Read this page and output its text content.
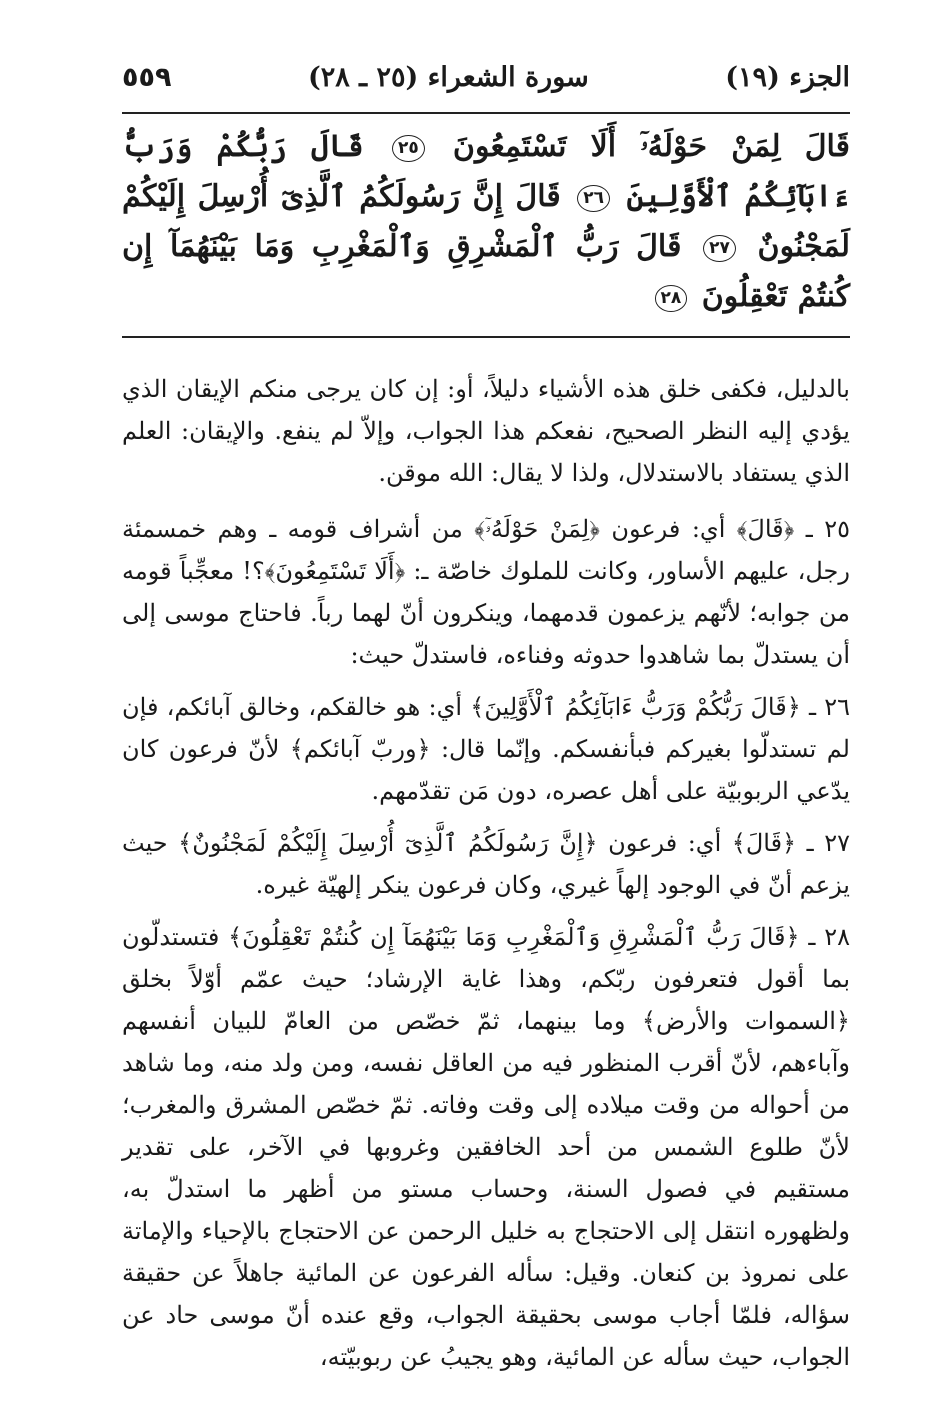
الجزء (١٩)
سورة الشعراء (٢٥ ـ ٢٨)
٥٥٩
قَالَ لِمَنْ حَوْلَهُۥٓ أَلَا تَسْتَمِعُونَ ٢٥ قَالَ رَبُّكُمْ وَرَبُّ ءَابَآئِكُمُ ٱلْأَوَّلِينَ ٢٦ قَالَ إِنَّ رَسُولَكُمُ ٱلَّذِىٓ أُرْسِلَ إِلَيْكُمْ لَمَجْنُونٌ ٢٧ قَالَ رَبُّ ٱلْمَشْرِقِ وَٱلْمَغْرِبِ وَمَا بَيْنَهُمَآ إِن كُنتُمْ تَعْقِلُونَ ٢٨

بالدليل، فكفى خلق هذه الأشياء دليلاً، أو: إن كان يرجى منكم الإيقان الذي يؤدي إليه النظر الصحيح، نفعكم هذا الجواب، وإلاّ لم ينفع. والإيقان: العلم الذي يستفاد بالاستدلال، ولذا لا يقال: الله موقن.

٢٥ ـ ﴿قَالَ﴾ أي: فرعون ﴿لِمَنْ حَوْلَهُۥٓ﴾ من أشراف قومه ـ وهم خمسمئة رجل، عليهم الأساور، وكانت للملوك خاصّة ـ: ﴿أَلَا تَسْتَمِعُونَ﴾؟! معجِّباً قومه من جوابه؛ لأنّهم يزعمون قدمهما، وينكرون أنّ لهما رباً. فاحتاج موسى إلى أن يستدلّ بما شاهدوا حدوثه وفناءه، فاستدلّ حيث:

٢٦ ـ ﴿قَالَ رَبُّكُمْ وَرَبُّ ءَابَآئِكُمُ ٱلْأَوَّلِينَ﴾ أي: هو خالقكم، وخالق آبائكم، فإن لم تستدلّوا بغيركم فبأنفسكم. وإنّما قال: ﴿وربّ آبائكم﴾ لأنّ فرعون كان يدّعي الربوبيّة على أهل عصره، دون مَن تقدّمهم.

٢٧ ـ ﴿قَالَ﴾ أي: فرعون ﴿إِنَّ رَسُولَكُمُ ٱلَّذِىٓ أُرْسِلَ إِلَيْكُمْ لَمَجْنُونٌ﴾ حيث يزعم أنّ في الوجود إلهاً غيري، وكان فرعون ينكر إلهيّة غيره.

٢٨ ـ ﴿قَالَ رَبُّ ٱلْمَشْرِقِ وَٱلْمَغْرِبِ وَمَا بَيْنَهُمَآ إِن كُنتُمْ تَعْقِلُونَ﴾ فتستدلّون بما أقول فتعرفون ربّكم، وهذا غاية الإرشاد؛ حيث عمّم أوّلاً بخلق ﴿السموات والأرض﴾ وما بينهما، ثمّ خصّص من العامّ للبيان أنفسهم وآباءهم، لأنّ أقرب المنظور فيه من العاقل نفسه، ومن ولد منه، وما شاهد من أحواله من وقت ميلاده إلى وقت وفاته. ثمّ خصّص المشرق والمغرب؛ لأنّ طلوع الشمس من أحد الخافقين وغروبها في الآخر، على تقدير مستقيم في فصول السنة، وحساب مستو من أظهر ما استدلّ به، ولظهوره انتقل إلى الاحتجاج به خليل الرحمن عن الاحتجاج بالإحياء والإماتة على نمروذ بن كنعان. وقيل: سأله الفرعون عن المائية جاهلاً عن حقيقة سؤاله، فلمّا أجاب موسى بحقيقة الجواب، وقع عنده أنّ موسى حاد عن الجواب، حيث سأله عن المائية، وهو يجيبُ عن ربوبيّته،
